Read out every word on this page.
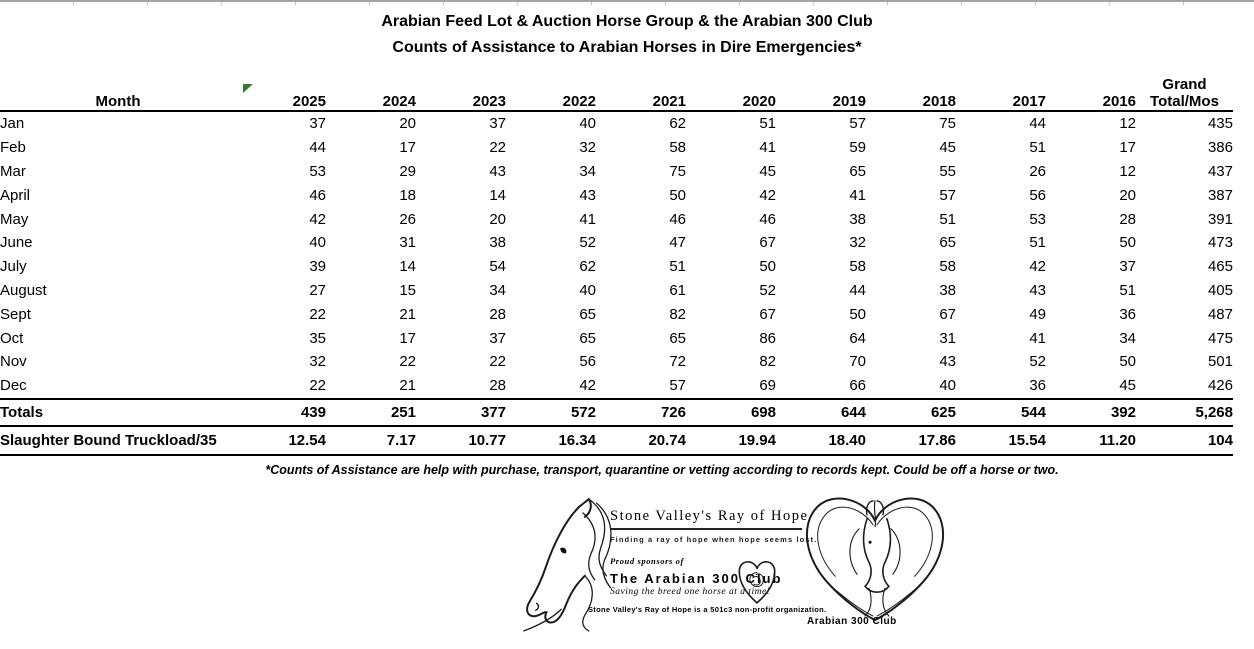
Arabian Feed Lot & Auction Horse Group & the Arabian 300 Club
Counts of Assistance to Arabian Horses in Dire Emergencies*
Month	2025	2024	2023	2022	2021	2020	2019	2018	2017	2016	Grand
Total/Mos

Jan	37	20	37	40	62	51	57	75	44	12	435
Feb	44	17	22	32	58	41	59	45	51	17	386
Mar	53	29	43	34	75	45	65	55	26	12	437
April	46	18	14	43	50	42	41	57	56	20	387
May	42	26	20	41	46	46	38	51	53	28	391
June	40	31	38	52	47	67	32	65	51	50	473
July	39	14	54	62	51	50	58	58	42	37	465
August	27	15	34	40	61	52	44	38	43	51	405
Sept	22	21	28	65	82	67	50	67	49	36	487
Oct	35	17	37	65	65	86	64	31	41	34	475
Nov	32	22	22	56	72	82	70	43	52	50	501
Dec	22	21	28	42	57	69	66	40	36	45	426
Totals	439	251	377	572	726	698	644	625	544	392	5,268
Slaughter Bound Truckload/35	12.54	7.17	10.77	16.34	20.74	19.94	18.40	17.86	15.54	11.20	104
*Counts of Assistance are help with purchase, transport, quarantine or vetting according to records kept. Could be off a horse or two.
Stone Valley's Ray of Hope
Finding a ray of hope when hope seems lost.
Proud sponsors of
The Arabian 300 Club
Saving the breed one horse at a time!
Stone Valley's Ray of Hope is a 501c3 non-profit organization.
Arabian 300 Club
